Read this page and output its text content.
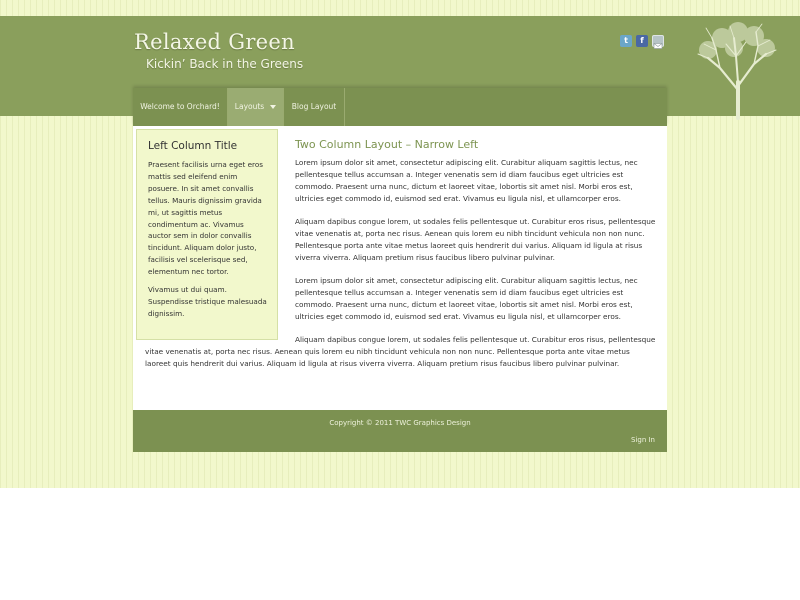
Relaxed Green
Kickin’ Back in the Greens
t	f
Welcome to Orchard!	Layouts	Blog Layout
Left Column Title

Praesent facilisis urna eget eros mattis sed eleifend enim posuere. In sit amet convallis tellus. Mauris dignissim gravida mi, ut sagittis metus condimentum ac. Vivamus auctor sem in dolor convallis tincidunt. Aliquam dolor justo, facilisis vel scelerisque sed, elementum nec tortor.

Vivamus ut dui quam. Suspendisse tristique malesuada dignissim.

Two Column Layout – Narrow Left

Lorem ipsum dolor sit amet, consectetur adipiscing elit. Curabitur aliquam sagittis lectus, nec pellentesque tellus accumsan a. Integer venenatis sem id diam faucibus eget ultricies est commodo. Praesent urna nunc, dictum et laoreet vitae, lobortis sit amet nisl. Morbi eros est, ultricies eget commodo id, euismod sed erat. Vivamus eu ligula nisl, et ullamcorper eros.

Aliquam dapibus congue lorem, ut sodales felis pellentesque ut. Curabitur eros risus, pellentesque vitae venenatis at, porta nec risus. Aenean quis lorem eu nibh tincidunt vehicula non non nunc. Pellentesque porta ante vitae metus laoreet quis hendrerit dui varius. Aliquam id ligula at risus viverra viverra. Aliquam pretium risus faucibus libero pulvinar pulvinar.

Lorem ipsum dolor sit amet, consectetur adipiscing elit. Curabitur aliquam sagittis lectus, nec pellentesque tellus accumsan a. Integer venenatis sem id diam faucibus eget ultricies est commodo. Praesent urna nunc, dictum et laoreet vitae, lobortis sit amet nisl. Morbi eros est, ultricies eget commodo id, euismod sed erat. Vivamus eu ligula nisl, et ullamcorper eros.

Aliquam dapibus congue lorem, ut sodales felis pellentesque ut. Curabitur eros risus, pellentesque vitae venenatis at, porta nec risus. Aenean quis lorem eu nibh tincidunt vehicula non non nunc. Pellentesque porta ante vitae metus laoreet quis hendrerit dui varius. Aliquam id ligula at risus viverra viverra. Aliquam pretium risus faucibus libero pulvinar pulvinar.

Copyright © 2011 TWC Graphics Design
Sign In
